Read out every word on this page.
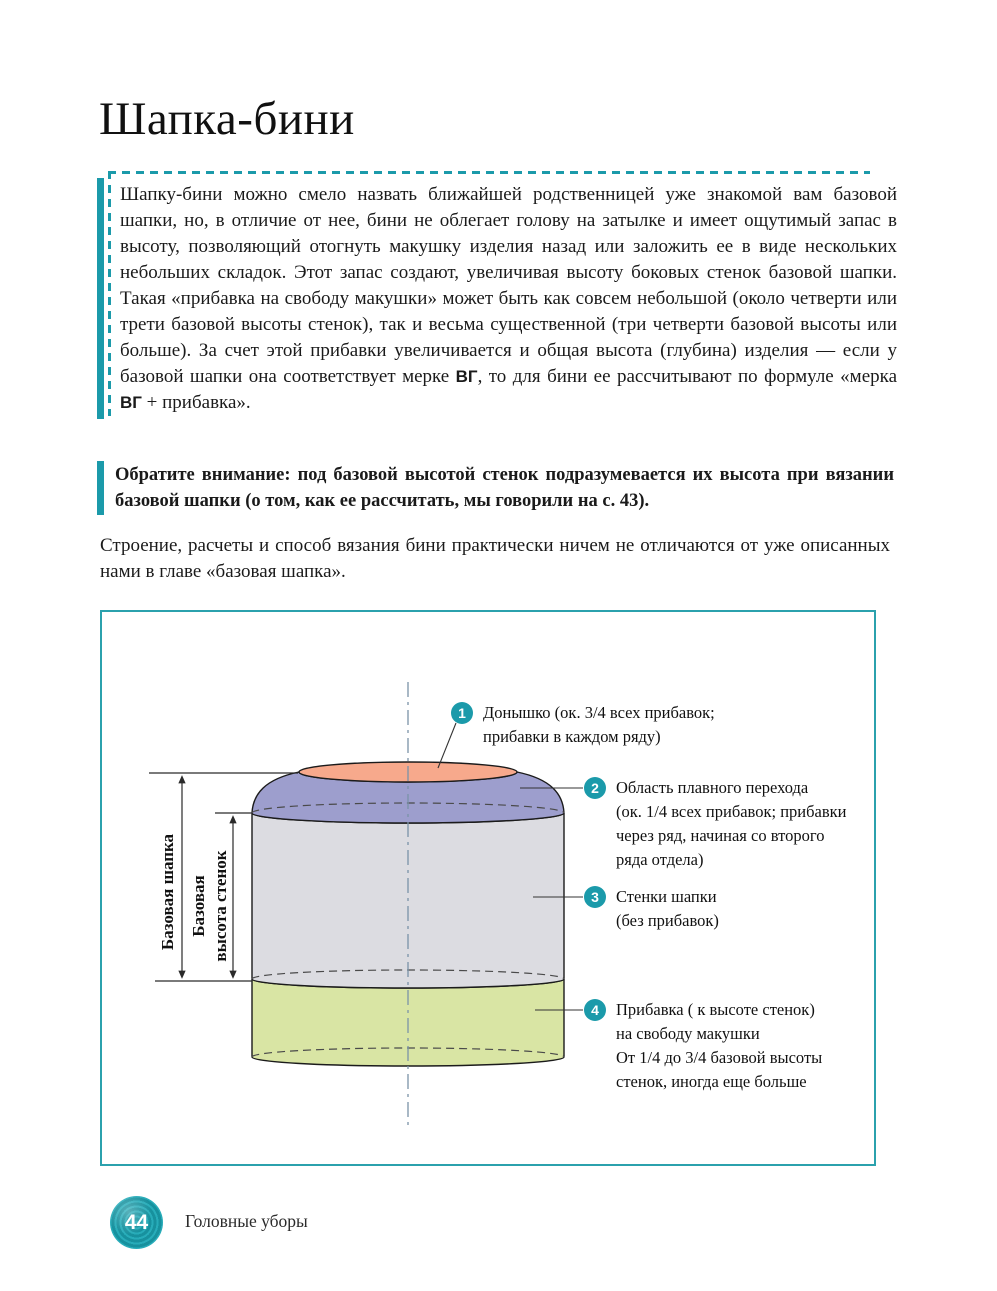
Шапка-бини

Шапку-бини можно смело назвать ближайшей родственницей уже знакомой вам базовой шапки, но, в отличие от нее, бини не облегает голову на затылке и имеет ощутимый запас в высоту, позволяющий отогнуть макушку изделия назад или заложить ее в виде нескольких небольших складок. Этот запас создают, увеличивая высоту боковых стенок базовой шапки. Такая «прибавка на свободу макушки» может быть как совсем небольшой (около четверти или трети базовой высоты стенок), так и весьма существенной (три четверти базовой высоты или больше). За счет этой прибавки увеличивается и общая высота (глубина) изделия — если у базовой шапки она соответствует мерке ВГ, то для бини ее рассчитывают по формуле «мерка ВГ + прибавка».

Обратите внимание: под базовой высотой стенок подразумевается их высота при вязании базовой шапки (о том, как ее рассчитать, мы говорили на с. 43).

Строение, расчеты и способ вязания бини практически ничем не отличаются от уже описанных нами в главе «базовая шапка».

Базовая шапка Базовая высота стенок
1
2
3
4
Донышко (ок. 3/4 всех прибавок;
прибавки в каждом ряду)
Область плавного перехода
(ок. 1/4 всех прибавок; прибавки
через ряд, начиная со второго
ряда отдела)
Стенки шапки
(без прибавок)
Прибавка ( к высоте стенок)
на свободу макушки
От 1/4 до 3/4 базовой высоты
стенок, иногда еще больше
44 Головные уборы
